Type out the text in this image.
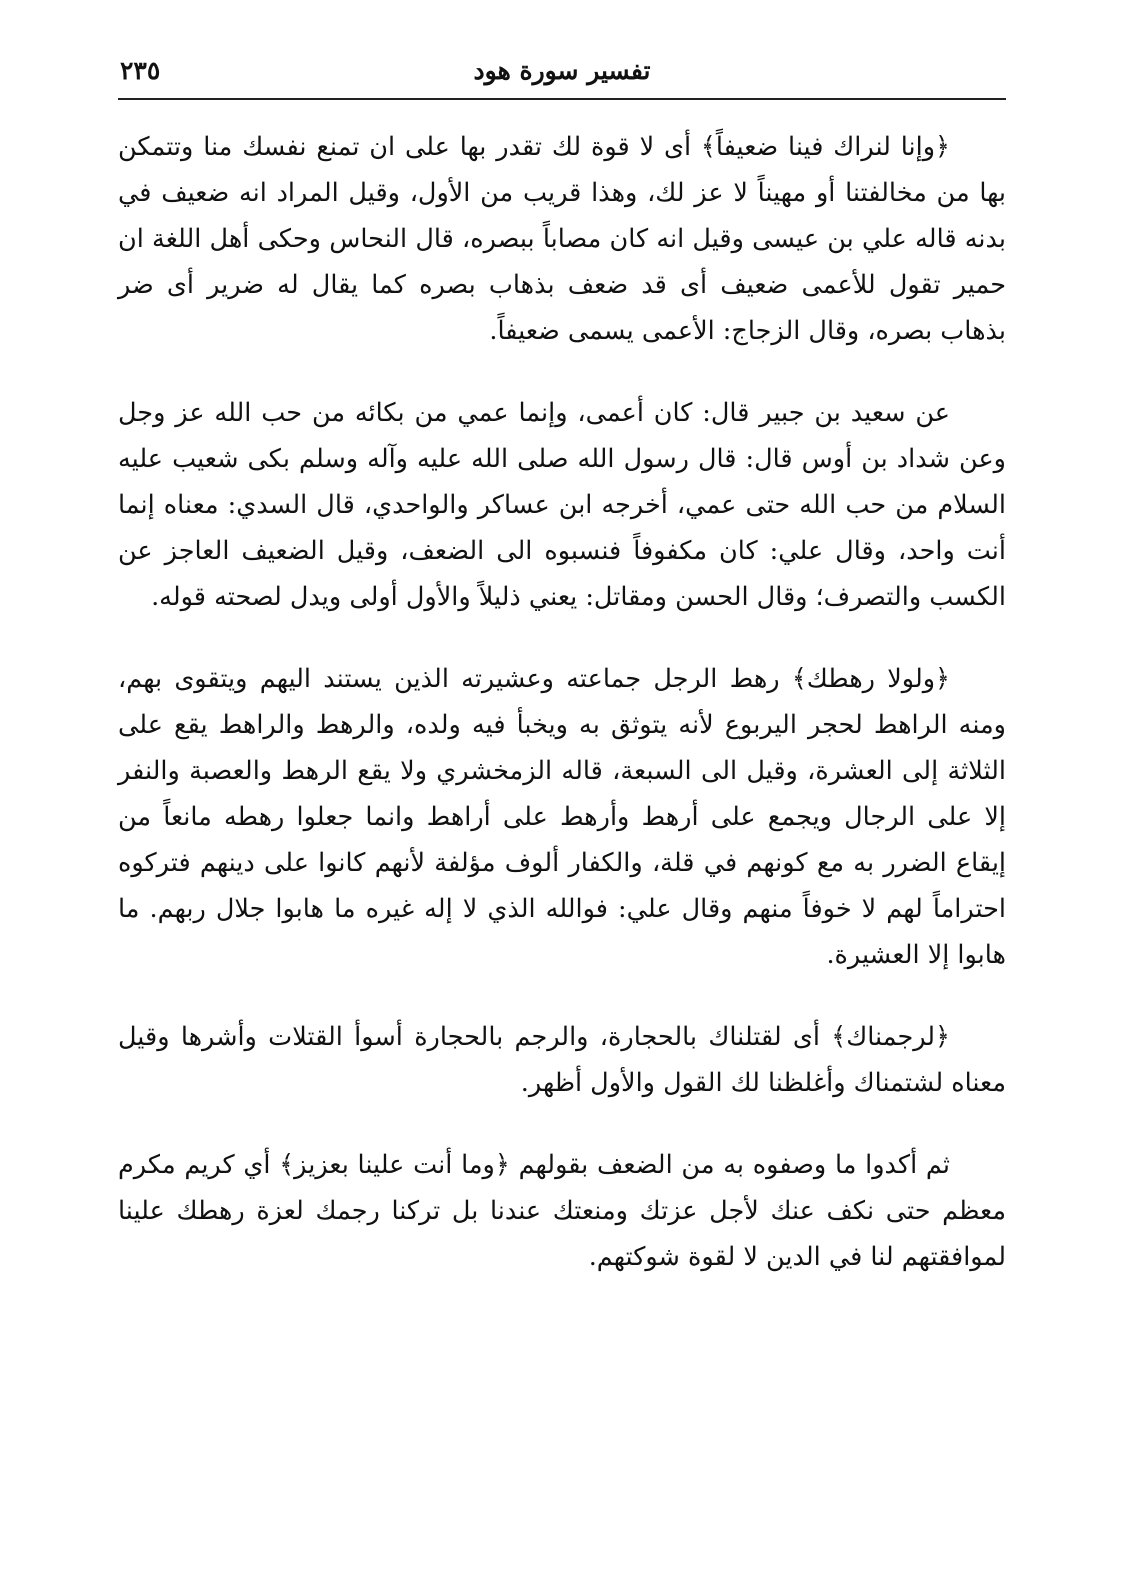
تفسير سورة هود
٢٣٥

﴿وإنا لنراك فينا ضعيفاً﴾ أى لا قوة لك تقدر بها على ان تمنع نفسك منا وتتمكن بها من مخالفتنا أو مهيناً لا عز لك، وهذا قريب من الأول، وقيل المراد انه ضعيف في بدنه قاله علي بن عيسى وقيل انه كان مصاباً ببصره، قال النحاس وحكى أهل اللغة ان حمير تقول للأعمى ضعيف أى قد ضعف بذهاب بصره كما يقال له ضرير أى ضر بذهاب بصره، وقال الزجاج: الأعمى يسمى ضعيفاً.

عن سعيد بن جبير قال: كان أعمى، وإنما عمي من بكائه من حب الله عز وجل وعن شداد بن أوس قال: قال رسول الله صلى الله عليه وآله وسلم بكى شعيب عليه السلام من حب الله حتى عمي، أخرجه ابن عساكر والواحدي، قال السدي: معناه إنما أنت واحد، وقال علي: كان مكفوفاً فنسبوه الى الضعف، وقيل الضعيف العاجز عن الكسب والتصرف؛ وقال الحسن ومقاتل: يعني ذليلاً والأول أولى ويدل لصحته قوله.

﴿ولولا رهطك﴾ رهط الرجل جماعته وعشيرته الذين يستند اليهم ويتقوى بهم، ومنه الراهط لحجر اليربوع لأنه يتوثق به ويخبأ فيه ولده، والرهط والراهط يقع على الثلاثة إلى العشرة، وقيل الى السبعة، قاله الزمخشري ولا يقع الرهط والعصبة والنفر إلا على الرجال ويجمع على أرهط وأرهط على أراهط وانما جعلوا رهطه مانعاً من إيقاع الضرر به مع كونهم في قلة، والكفار ألوف مؤلفة لأنهم كانوا على دينهم فتركوه احتراماً لهم لا خوفاً منهم وقال علي: فوالله الذي لا إله غيره ما هابوا جلال ربهم. ما هابوا إلا العشيرة.

﴿لرجمناك﴾ أى لقتلناك بالحجارة، والرجم بالحجارة أسوأ القتلات وأشرها وقيل معناه لشتمناك وأغلظنا لك القول والأول أظهر.

ثم أكدوا ما وصفوه به من الضعف بقولهم ﴿وما أنت علينا بعزيز﴾ أي كريم مكرم معظم حتى نكف عنك لأجل عزتك ومنعتك عندنا بل تركنا رجمك لعزة رهطك علينا لموافقتهم لنا في الدين لا لقوة شوكتهم.
